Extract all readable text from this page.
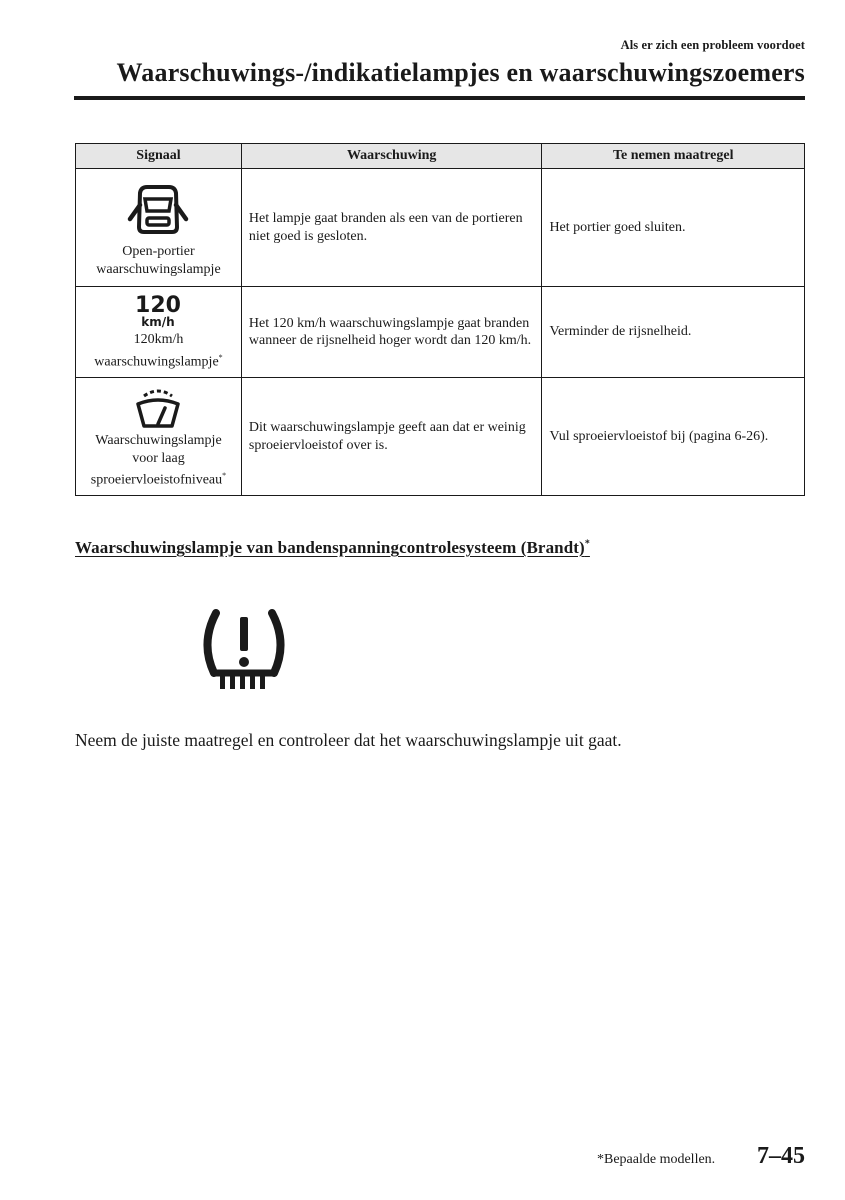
Als er zich een probleem voordoet
Waarschuwings-/indikatielampjes en waarschuwingszoemers
Signaal	Waarschuwing	Te nemen maatregel

Open-portier
waarschuwingslampje	Het lampje gaat branden als een van de portieren niet goed is gesloten.	Het portier goed sluiten.

120
km/h
120km/h
waarschuwingslampje*	Het 120 km/h waarschuwingslampje gaat branden wanneer de rijsnelheid hoger wordt dan 120 km/h.	Verminder de rijsnelheid.

Waarschuwingslampje
voor laag
sproeiervloeistofniveau*	Dit waarschuwingslampje geeft aan dat er weinig sproeiervloeistof over is.	Vul sproeiervloeistof bij (pagina 6-26).
Waarschuwingslampje van bandenspanningcontrolesysteem (Brandt)*
Neem de juiste maatregel en controleer dat het waarschuwingslampje uit gaat.
*Bepaalde modellen. 7–45
